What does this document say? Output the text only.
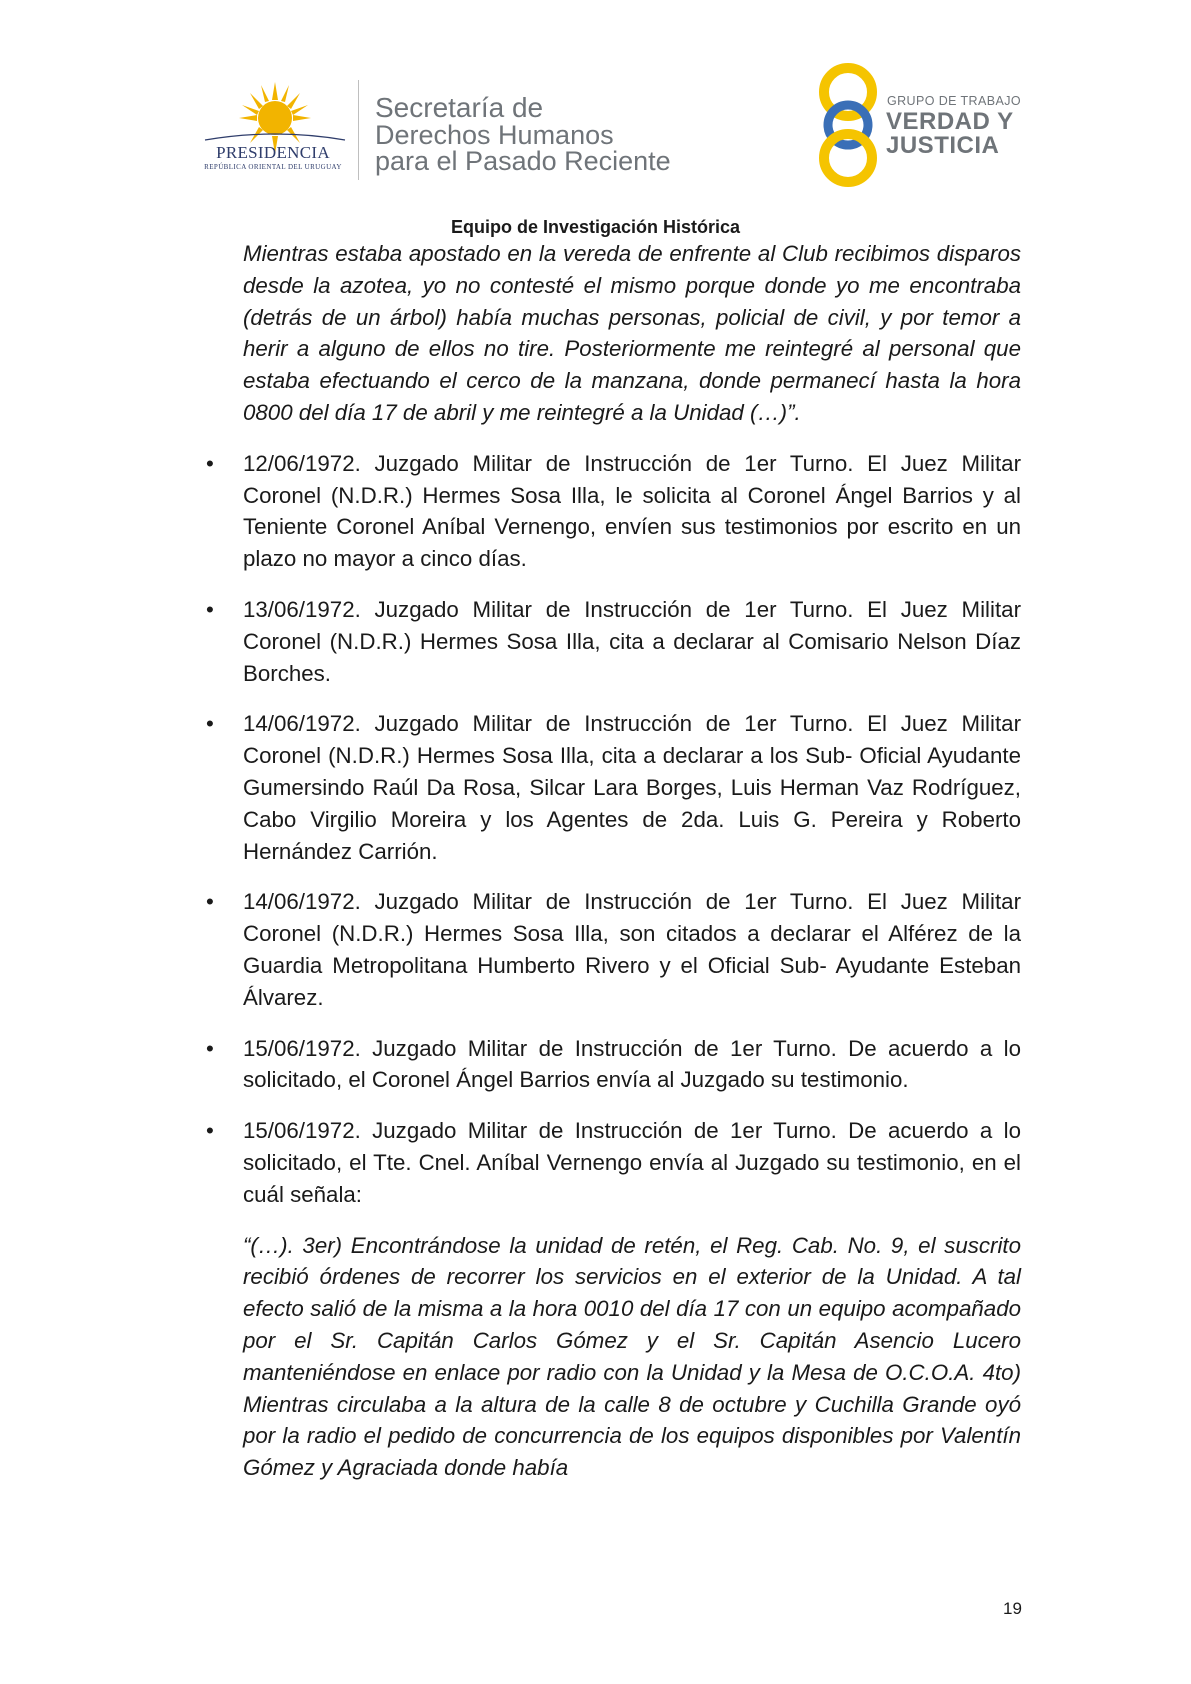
PRESIDENCIA
REPÚBLICA ORIENTAL DEL URUGUAY
Secretaría de
Derechos Humanos
para el Pasado Reciente
GRUPO DE TRABAJO
VERDAD Y
JUSTICIA
Equipo de Investigación Histórica

Mientras estaba apostado en la vereda de enfrente al Club recibimos disparos desde la azotea, yo no contesté el mismo porque donde yo me encontraba (detrás de un árbol) había muchas personas, policial de civil, y por temor a herir a alguno de ellos no tire. Posteriormente me reintegré al personal que estaba efectuando el cerco de la manzana, donde permanecí hasta la hora 0800 del día 17 de abril y me reintegré a la Unidad (…)”.

• 12/06/1972. Juzgado Militar de Instrucción de 1er Turno. El Juez Militar Coronel (N.D.R.) Hermes Sosa Illa, le solicita al Coronel Ángel Barrios y al Teniente Coronel Aníbal Vernengo, envíen sus testimonios por escrito en un plazo no mayor a cinco días.
• 13/06/1972. Juzgado Militar de Instrucción de 1er Turno. El Juez Militar Coronel (N.D.R.) Hermes Sosa Illa, cita a declarar al Comisario Nelson Díaz Borches.
• 14/06/1972. Juzgado Militar de Instrucción de 1er Turno. El Juez Militar Coronel (N.D.R.) Hermes Sosa Illa, cita a declarar a los Sub- Oficial Ayudante Gumersindo Raúl Da Rosa, Silcar Lara Borges, Luis Herman Vaz Rodríguez, Cabo Virgilio Moreira y los Agentes de 2da. Luis G. Pereira y Roberto Hernández Carrión.
• 14/06/1972. Juzgado Militar de Instrucción de 1er Turno. El Juez Militar Coronel (N.D.R.) Hermes Sosa Illa, son citados a declarar el Alférez de la Guardia Metropolitana Humberto Rivero y el Oficial Sub- Ayudante Esteban Álvarez.
• 15/06/1972. Juzgado Militar de Instrucción de 1er Turno. De acuerdo a lo solicitado, el Coronel Ángel Barrios envía al Juzgado su testimonio.
• 15/06/1972. Juzgado Militar de Instrucción de 1er Turno. De acuerdo a lo solicitado, el Tte. Cnel. Aníbal Vernengo envía al Juzgado su testimonio, en el cuál señala:

“(…). 3er) Encontrándose la unidad de retén, el Reg. Cab. No. 9, el suscrito recibió órdenes de recorrer los servicios en el exterior de la Unidad. A tal efecto salió de la misma a la hora 0010 del día 17 con un equipo acompañado por el Sr. Capitán Carlos Gómez y el Sr. Capitán Asencio Lucero manteniéndose en enlace por radio con la Unidad y la Mesa de O.C.O.A. 4to) Mientras circulaba a la altura de la calle 8 de octubre y Cuchilla Grande oyó por la radio el pedido de concurrencia de los equipos disponibles por Valentín Gómez y Agraciada donde había

19
